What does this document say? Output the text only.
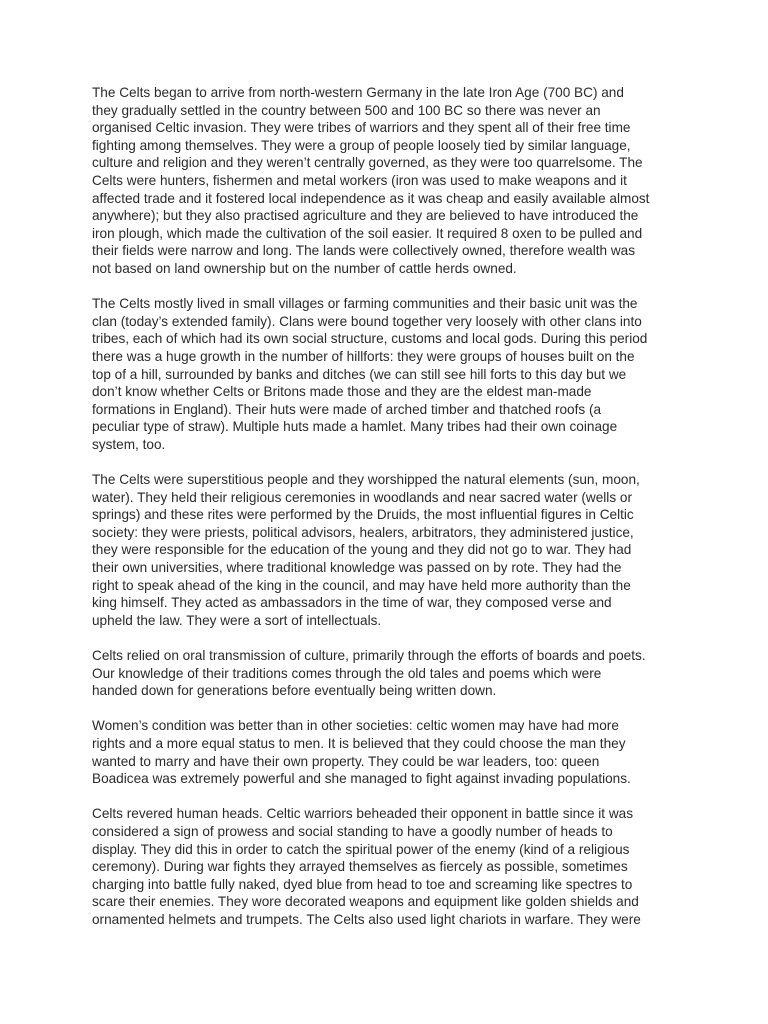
The Celts began to arrive from north-western Germany in the late Iron Age (700 BC) and
they gradually settled in the country between 500 and 100 BC so there was never an
organised Celtic invasion. They were tribes of warriors and they spent all of their free time
fighting among themselves. They were a group of people loosely tied by similar language,
culture and religion and they weren’t centrally governed, as they were too quarrelsome. The
Celts were hunters, fishermen and metal workers (iron was used to make weapons and it
affected trade and it fostered local independence as it was cheap and easily available almost
anywhere); but they also practised agriculture and they are believed to have introduced the
iron plough, which made the cultivation of the soil easier. It required 8 oxen to be pulled and
their fields were narrow and long. The lands were collectively owned, therefore wealth was
not based on land ownership but on the number of cattle herds owned.

The Celts mostly lived in small villages or farming communities and their basic unit was the
clan (today’s extended family). Clans were bound together very loosely with other clans into
tribes, each of which had its own social structure, customs and local gods. During this period
there was a huge growth in the number of hillforts: they were groups of houses built on the
top of a hill, surrounded by banks and ditches (we can still see hill forts to this day but we
don’t know whether Celts or Britons made those and they are the eldest man-made
formations in England). Their huts were made of arched timber and thatched roofs (a
peculiar type of straw). Multiple huts made a hamlet. Many tribes had their own coinage
system, too.

The Celts were superstitious people and they worshipped the natural elements (sun, moon,
water). They held their religious ceremonies in woodlands and near sacred water (wells or
springs) and these rites were performed by the Druids, the most influential figures in Celtic
society: they were priests, political advisors, healers, arbitrators, they administered justice,
they were responsible for the education of the young and they did not go to war. They had
their own universities, where traditional knowledge was passed on by rote. They had the
right to speak ahead of the king in the council, and may have held more authority than the
king himself. They acted as ambassadors in the time of war, they composed verse and
upheld the law. They were a sort of intellectuals.

Celts relied on oral transmission of culture, primarily through the efforts of boards and poets.
Our knowledge of their traditions comes through the old tales and poems which were
handed down for generations before eventually being written down.

Women’s condition was better than in other societies: celtic women may have had more
rights and a more equal status to men. It is believed that they could choose the man they
wanted to marry and have their own property. They could be war leaders, too: queen
Boadicea was extremely powerful and she managed to fight against invading populations.

Celts revered human heads. Celtic warriors beheaded their opponent in battle since it was
considered a sign of prowess and social standing to have a goodly number of heads to
display. They did this in order to catch the spiritual power of the enemy (kind of a religious
ceremony). During war fights they arrayed themselves as fiercely as possible, sometimes
charging into battle fully naked, dyed blue from head to toe and screaming like spectres to
scare their enemies. They wore decorated weapons and equipment like golden shields and
ornamented helmets and trumpets. The Celts also used light chariots in warfare. They were
